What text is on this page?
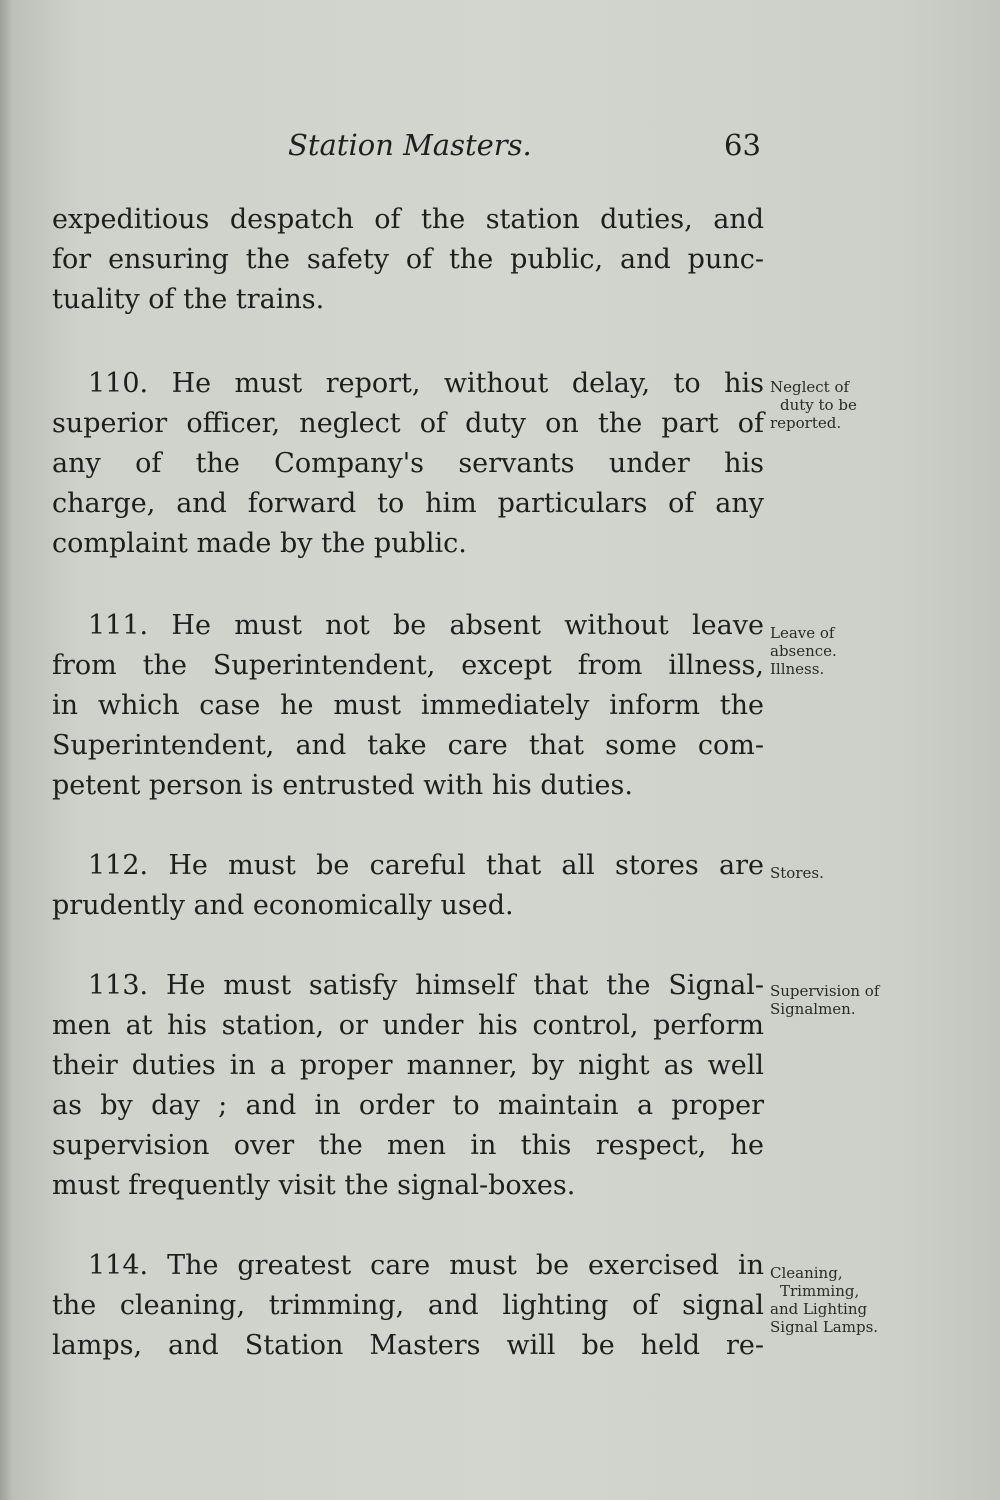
Station Masters.	63
expeditious despatch of the station duties, and
for ensuring the safety of the public, and punc-
tuality of the trains.
110. He must report, without delay, to his
superior officer, neglect of duty on the part of
any of the Company's servants under his
charge, and forward to him particulars of any
complaint made by the public.
Neglect of
duty to be
reported.
111. He must not be absent without leave
from the Superintendent, except from illness,
in which case he must immediately inform the
Superintendent, and take care that some com-
petent person is entrusted with his duties.
Leave of
absence.
Illness.
112. He must be careful that all stores are
prudently and economically used.
Stores.
113. He must satisfy himself that the Signal-
men at his station, or under his control, perform
their duties in a proper manner, by night as well
as by day ; and in order to maintain a proper
supervision over the men in this respect, he
must frequently visit the signal-boxes.
Supervision of
Signalmen.
114. The greatest care must be exercised in
the cleaning, trimming, and lighting of signal
lamps, and Station Masters will be held re-
Cleaning,
Trimming,
and Lighting
Signal Lamps.
